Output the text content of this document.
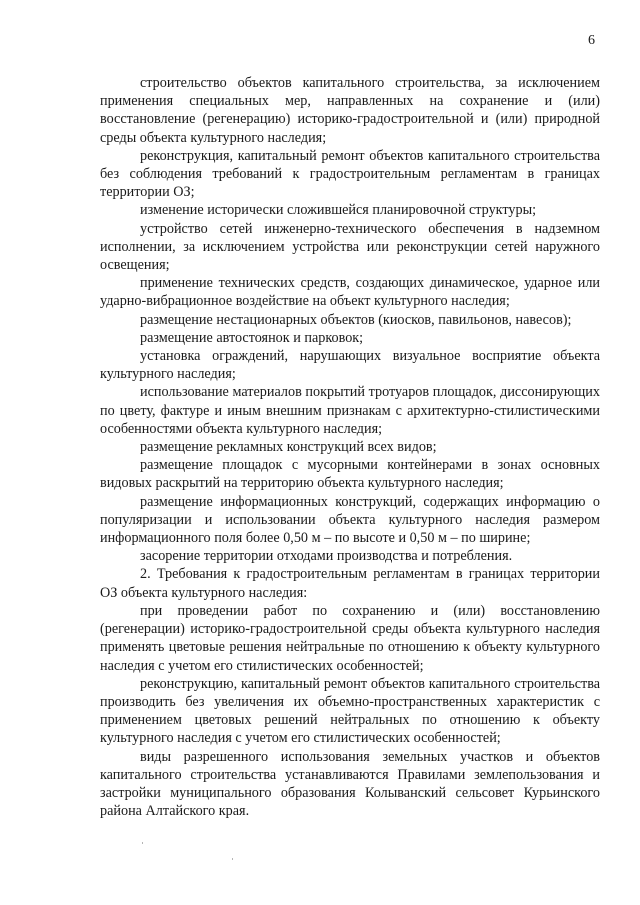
6

строительство объектов капитального строительства, за исключением применения специальных мер, направленных на сохранение и (или) восстановление (регенерацию) историко-градостроительной и (или) природной среды объекта культурного наследия;

реконструкция, капитальный ремонт объектов капитального строительства без соблюдения требований к градостроительным регламентам в границах территории ОЗ;

изменение исторически сложившейся планировочной структуры;

устройство сетей инженерно-технического обеспечения в надземном исполнении, за исключением устройства или реконструкции сетей наружного освещения;

применение технических средств, создающих динамическое, ударное или ударно-вибрационное воздействие на объект культурного наследия;

размещение нестационарных объектов (киосков, павильонов, навесов);

размещение автостоянок и парковок;

установка ограждений, нарушающих визуальное восприятие объекта культурного наследия;

использование материалов покрытий тротуаров площадок, диссонирующих по цвету, фактуре и иным внешним признакам с архитектурно-стилистическими особенностями объекта культурного наследия;

размещение рекламных конструкций всех видов;

размещение площадок с мусорными контейнерами в зонах основных видовых раскрытий на территорию объекта культурного наследия;

размещение информационных конструкций, содержащих информацию о популяризации и использовании объекта культурного наследия размером информационного поля более 0,50 м – по высоте и 0,50 м – по ширине;

засорение территории отходами производства и потребления.

2. Требования к градостроительным регламентам в границах территории ОЗ объекта культурного наследия:

при проведении работ по сохранению и (или) восстановлению (регенерации) историко-градостроительной среды объекта культурного наследия применять цветовые решения нейтральные по отношению к объекту культурного наследия с учетом его стилистических особенностей;

реконструкцию, капитальный ремонт объектов капитального строительства производить без увеличения их объемно-пространственных характеристик с применением цветовых решений нейтральных по отношению к объекту культурного наследия с учетом его стилистических особенностей;

виды разрешенного использования земельных участков и объектов капитального строительства устанавливаются Правилами землепользования и застройки муниципального образования Колыванский сельсовет Курьинского района Алтайского края.
